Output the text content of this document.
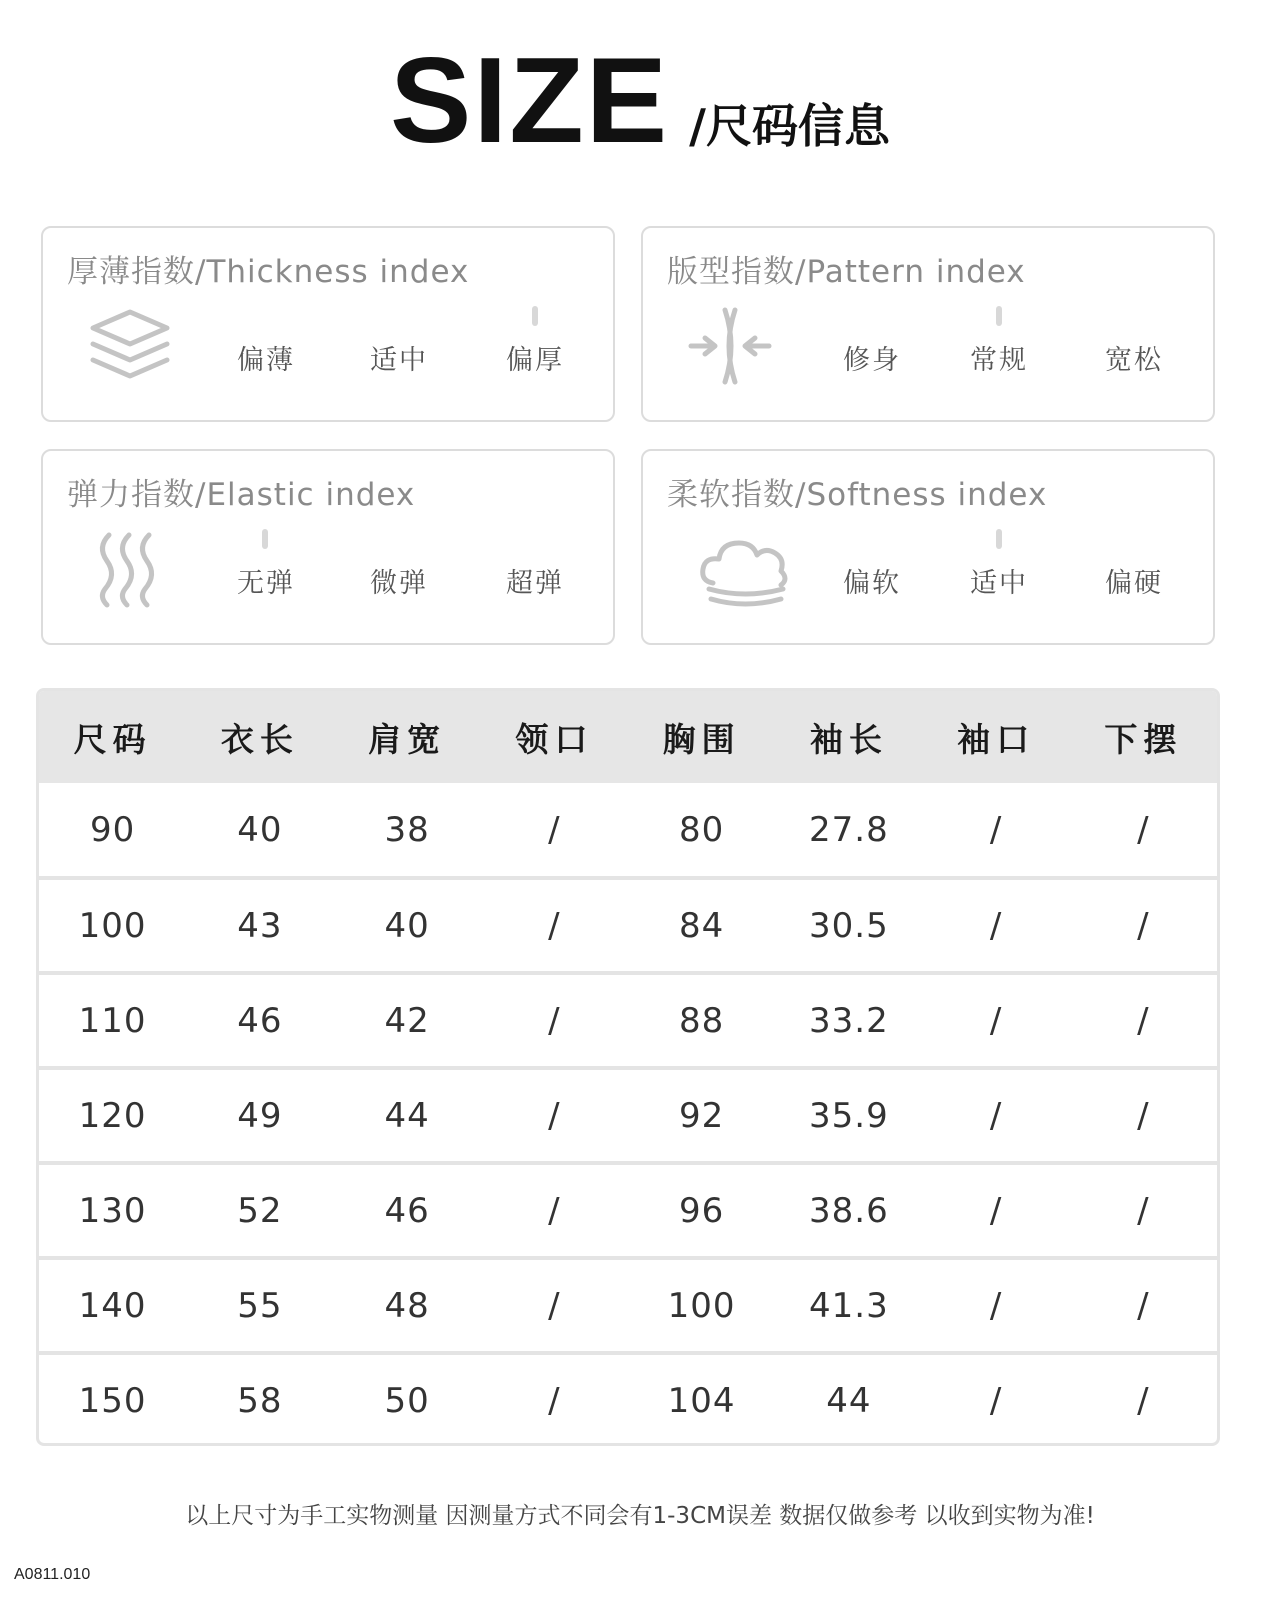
SIZE /尺码信息
厚薄指数/Thickness index
偏薄	适中	偏厚
版型指数/Pattern index
修身	常规	宽松
弹力指数/Elastic index
无弹	微弹	超弹
柔软指数/Softness index
偏软	适中	偏硬
尺码	衣长	肩宽	领口	胸围	袖长	袖口	下摆
90	40	38	/	80	27.8	/	/
100	43	40	/	84	30.5	/	/
110	46	42	/	88	33.2	/	/
120	49	44	/	92	35.9	/	/
130	52	46	/	96	38.6	/	/
140	55	48	/	100	41.3	/	/
150	58	50	/	104	44	/	/
以上尺寸为手工实物测量 因测量方式不同会有1-3CM误差 数据仅做参考 以收到实物为准!
A0811.010
